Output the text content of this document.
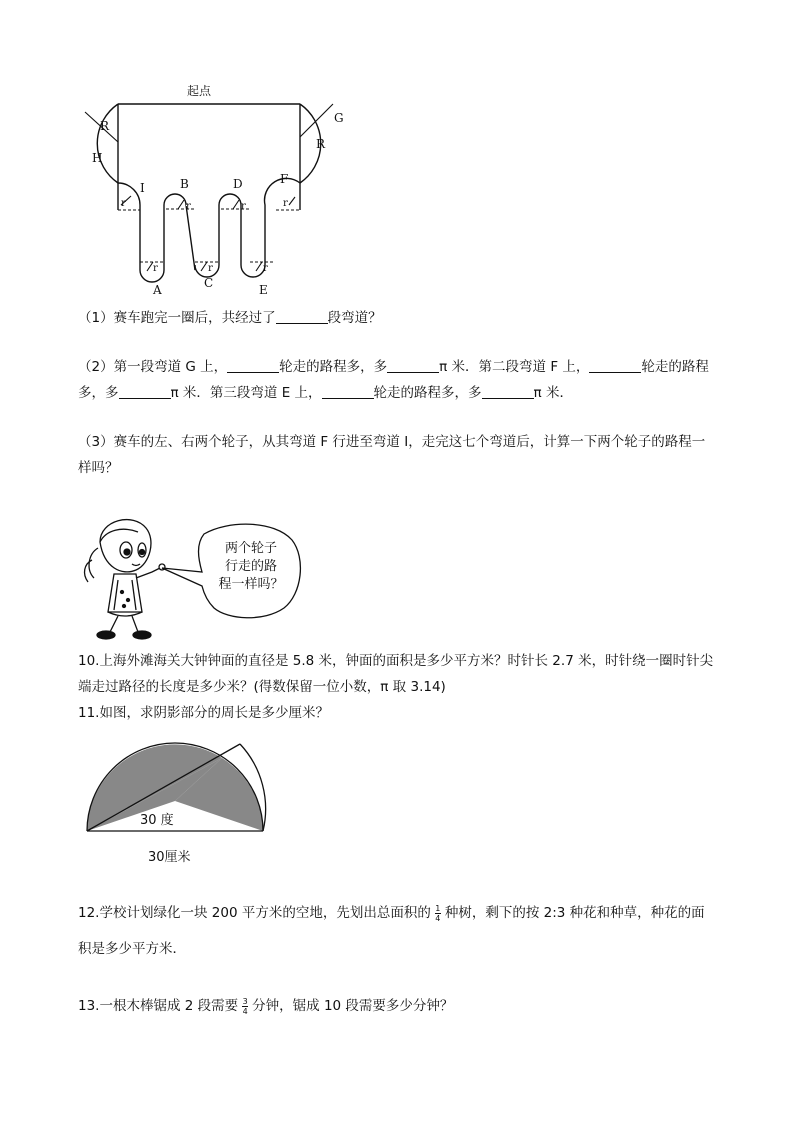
起点
R
R
H
G
I	B	D	F
A	C	E
r
r
r
r
r
r
r
（1）赛车跑完一圈后，共经过了	段弯道？
（2）第一段弯道 G 上，	轮走的路程多，多	π 米．第二段弯道 F 上，	轮走的路程
多，多	π 米．第三段弯道 E 上，	轮走的路程多，多	π 米．
（3）赛车的左、右两个轮子，从其弯道 F 行进至弯道 I，走完这七个弯道后，计算一下两个轮子的路程一
样吗？
两个轮子
行走的路
程一样吗？
10.上海外滩海关大钟钟面的直径是 5.8 米，钟面的面积是多少平方米？时针长 2.7 米，时针绕一圈时针尖
端走过路径的长度是多少米？(得数保留一位小数，π 取 3.14)
11.如图，求阴影部分的周长是多少厘米？
30 度
30厘米
12.学校计划绿化一块 200 平方米的空地，先划出总面积的 $\frac{1}{4}$ 种树，剩下的按 2:3 种花和种草，种花的面
积是多少平方米．
13.一根木棒锯成 2 段需要 $\frac{3}{4}$ 分钟，锯成 10 段需要多少分钟？
